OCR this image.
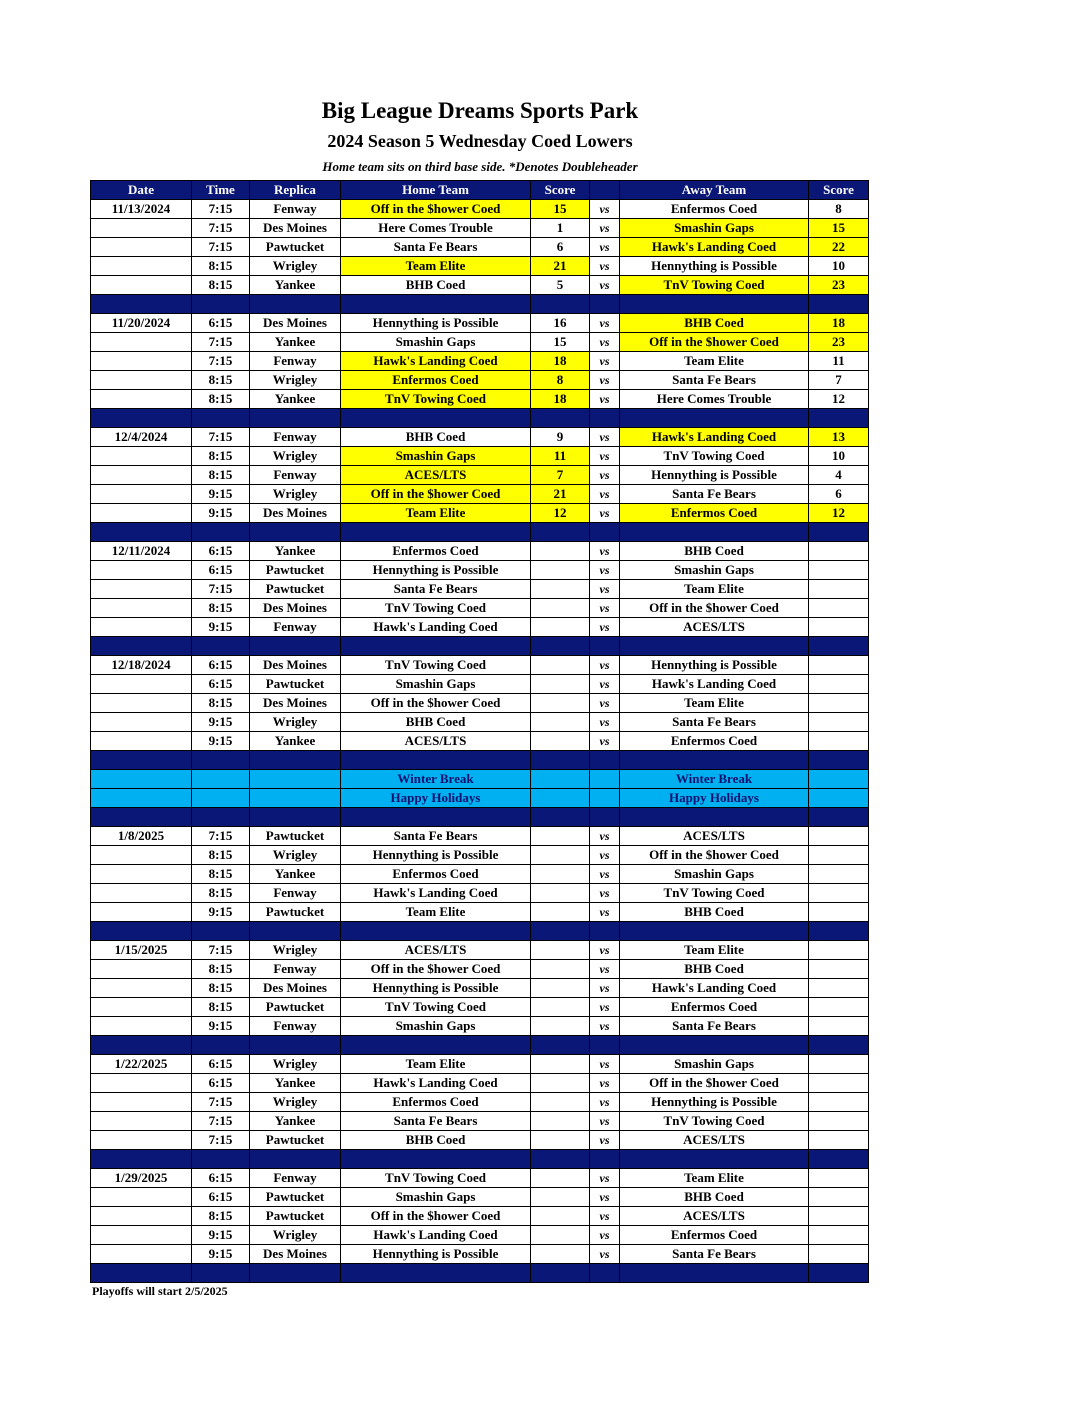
Big League Dreams Sports Park
2024 Season 5 Wednesday Coed Lowers
Home team sits on third base side. *Denotes Doubleheader
Date	Time	Replica	Home Team	Score		Away Team	Score
11/13/2024	7:15	Fenway	Off in the $hower Coed	15	vs	Enfermos Coed	8
	7:15	Des Moines	Here Comes Trouble	1	vs	Smashin Gaps	15
	7:15	Pawtucket	Santa Fe Bears	6	vs	Hawk's Landing Coed	22
	8:15	Wrigley	Team Elite	21	vs	Hennything is Possible	10
	8:15	Yankee	BHB Coed	5	vs	TnV Towing Coed	23

11/20/2024	6:15	Des Moines	Hennything is Possible	16	vs	BHB Coed	18
	7:15	Yankee	Smashin Gaps	15	vs	Off in the $hower Coed	23
	7:15	Fenway	Hawk's Landing Coed	18	vs	Team Elite	11
	8:15	Wrigley	Enfermos Coed	8	vs	Santa Fe Bears	7
	8:15	Yankee	TnV Towing Coed	18	vs	Here Comes Trouble	12

12/4/2024	7:15	Fenway	BHB Coed	9	vs	Hawk's Landing Coed	13
	8:15	Wrigley	Smashin Gaps	11	vs	TnV Towing Coed	10
	8:15	Fenway	ACES/LTS	7	vs	Hennything is Possible	4
	9:15	Wrigley	Off in the $hower Coed	21	vs	Santa Fe Bears	6
	9:15	Des Moines	Team Elite	12	vs	Enfermos Coed	12

12/11/2024	6:15	Yankee	Enfermos Coed		vs	BHB Coed	
	6:15	Pawtucket	Hennything is Possible		vs	Smashin Gaps	
	7:15	Pawtucket	Santa Fe Bears		vs	Team Elite	
	8:15	Des Moines	TnV Towing Coed		vs	Off in the $hower Coed	
	9:15	Fenway	Hawk's Landing Coed		vs	ACES/LTS	

12/18/2024	6:15	Des Moines	TnV Towing Coed		vs	Hennything is Possible	
	6:15	Pawtucket	Smashin Gaps		vs	Hawk's Landing Coed	
	8:15	Des Moines	Off in the $hower Coed		vs	Team Elite	
	9:15	Wrigley	BHB Coed		vs	Santa Fe Bears	
	9:15	Yankee	ACES/LTS		vs	Enfermos Coed	

			Winter Break			Winter Break	
			Happy Holidays			Happy Holidays	

1/8/2025	7:15	Pawtucket	Santa Fe Bears		vs	ACES/LTS	
	8:15	Wrigley	Hennything is Possible		vs	Off in the $hower Coed	
	8:15	Yankee	Enfermos Coed		vs	Smashin Gaps	
	8:15	Fenway	Hawk's Landing Coed		vs	TnV Towing Coed	
	9:15	Pawtucket	Team Elite		vs	BHB Coed	

1/15/2025	7:15	Wrigley	ACES/LTS		vs	Team Elite	
	8:15	Fenway	Off in the $hower Coed		vs	BHB Coed	
	8:15	Des Moines	Hennything is Possible		vs	Hawk's Landing Coed	
	8:15	Pawtucket	TnV Towing Coed		vs	Enfermos Coed	
	9:15	Fenway	Smashin Gaps		vs	Santa Fe Bears	

1/22/2025	6:15	Wrigley	Team Elite		vs	Smashin Gaps	
	6:15	Yankee	Hawk's Landing Coed		vs	Off in the $hower Coed	
	7:15	Wrigley	Enfermos Coed		vs	Hennything is Possible	
	7:15	Yankee	Santa Fe Bears		vs	TnV Towing Coed	
	7:15	Pawtucket	BHB Coed		vs	ACES/LTS	

1/29/2025	6:15	Fenway	TnV Towing Coed		vs	Team Elite	
	6:15	Pawtucket	Smashin Gaps		vs	BHB Coed	
	8:15	Pawtucket	Off in the $hower Coed		vs	ACES/LTS	
	9:15	Wrigley	Hawk's Landing Coed		vs	Enfermos Coed	
	9:15	Des Moines	Hennything is Possible		vs	Santa Fe Bears	

Playoffs will start 2/5/2025
